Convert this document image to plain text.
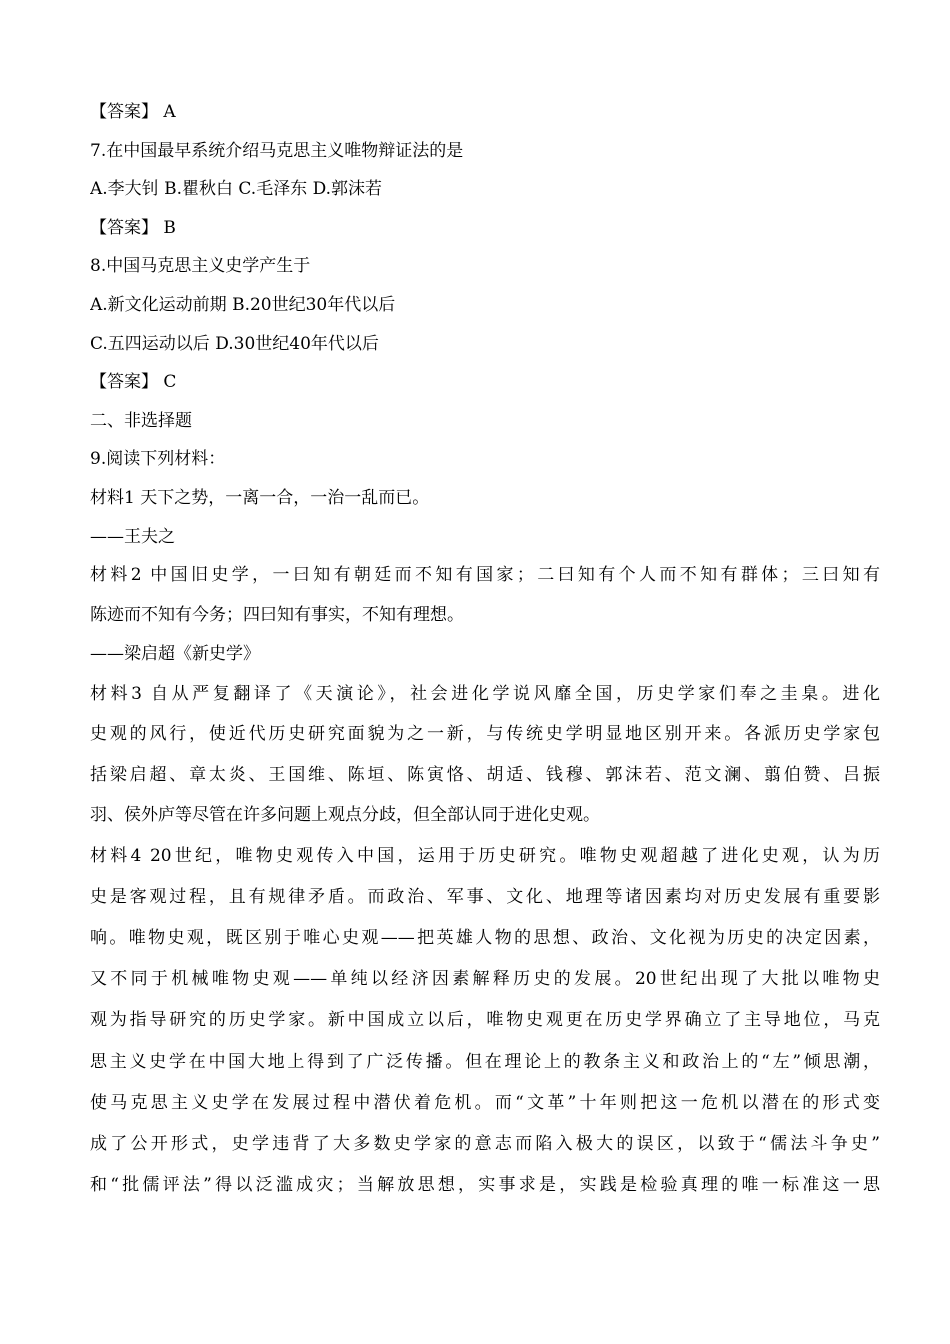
【答案】 A
7.在中国最早系统介绍马克思主义唯物辩证法的是
A.李大钊 B.瞿秋白 C.毛泽东 D.郭沫若
【答案】 B
8.中国马克思主义史学产生于
A.新文化运动前期 B.20世纪30年代以后
C.五四运动以后 D.30世纪40年代以后
【答案】 C
二、非选择题
9.阅读下列材料：
材料1 天下之势，一离一合，一治一乱而已。
——王夫之
材料2 中国旧史学，一曰知有朝廷而不知有国家；二曰知有个人而不知有群体；三曰知有
陈迹而不知有今务；四曰知有事实，不知有理想。
——梁启超《新史学》
材料3 自从严复翻译了《天演论》，社会进化学说风靡全国，历史学家们奉之圭臬。进化
史观的风行，使近代历史研究面貌为之一新，与传统史学明显地区别开来。各派历史学家包
括梁启超、章太炎、王国维、陈垣、陈寅恪、胡适、钱穆、郭沫若、范文澜、翦伯赞、吕振
羽、侯外庐等尽管在许多问题上观点分歧，但全部认同于进化史观。
材料4 20世纪，唯物史观传入中国，运用于历史研究。唯物史观超越了进化史观，认为历
史是客观过程，且有规律矛盾。而政治、军事、文化、地理等诸因素均对历史发展有重要影
响。唯物史观，既区别于唯心史观——把英雄人物的思想、政治、文化视为历史的决定因素，
又不同于机械唯物史观——单纯以经济因素解释历史的发展。20世纪出现了大批以唯物史
观为指导研究的历史学家。新中国成立以后，唯物史观更在历史学界确立了主导地位，马克
思主义史学在中国大地上得到了广泛传播。但在理论上的教条主义和政治上的“左”倾思潮，
使马克思主义史学在发展过程中潜伏着危机。而“文革”十年则把这一危机以潜在的形式变
成了公开形式，史学违背了大多数史学家的意志而陷入极大的误区，以致于“儒法斗争史”
和“批儒评法”得以泛滥成灾；当解放思想，实事求是，实践是检验真理的唯一标准这一思
